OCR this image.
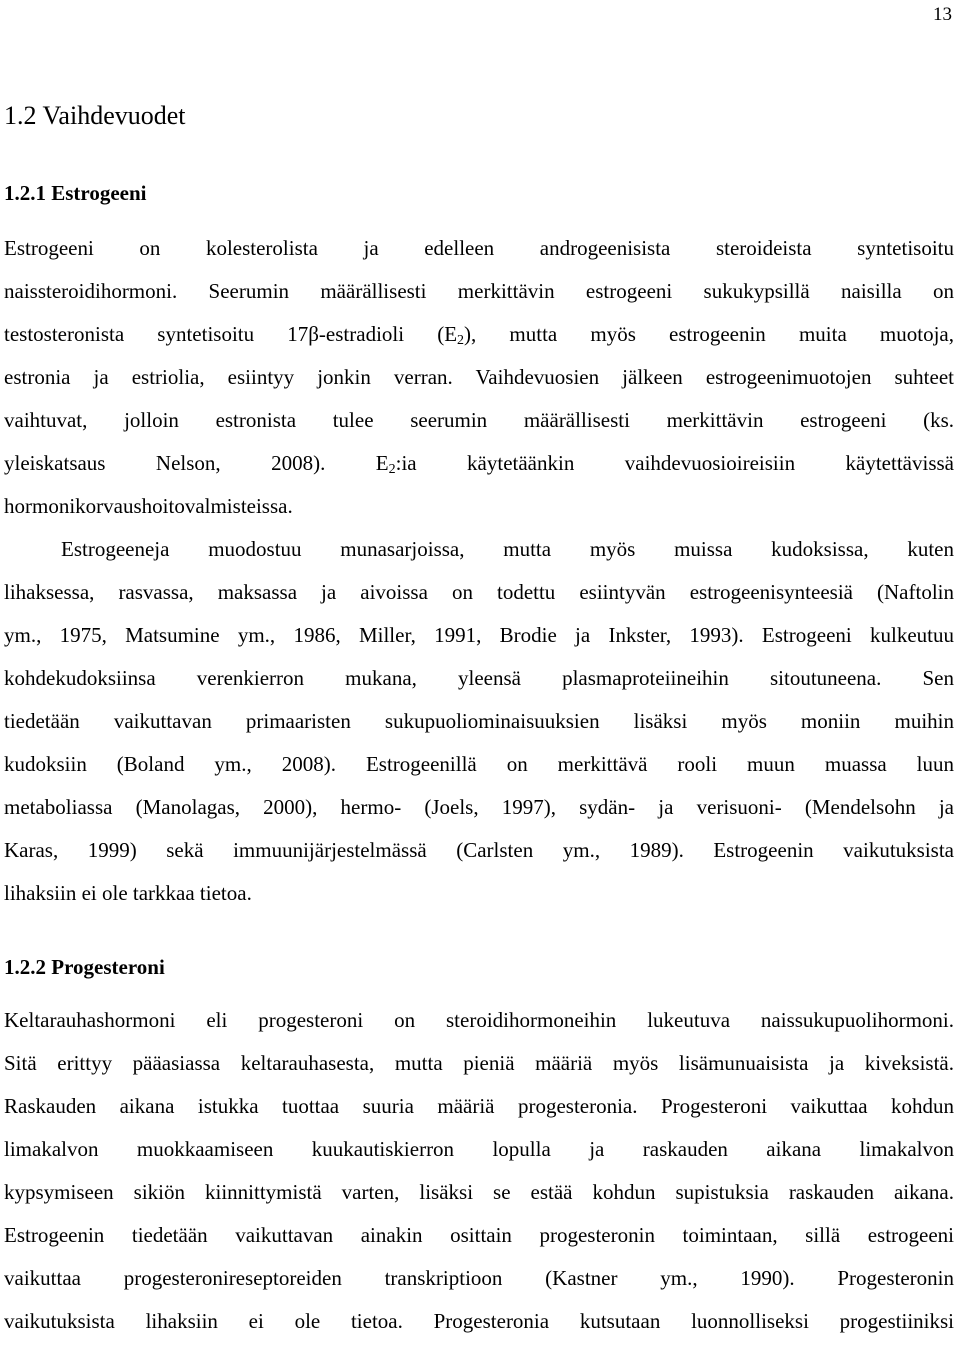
13
1.2 Vaihdevuodet
1.2.1 Estrogeeni
Estrogeeni on kolesterolista ja edelleen androgeenisista steroideista syntetisoitu
naissteroidihormoni. Seerumin määrällisesti merkittävin estrogeeni sukukypsillä naisilla on
testosteronista syntetisoitu 17β-estradioli $(E_2)$, mutta myös estrogeenin muita muotoja,
estronia ja estriolia, esiintyy jonkin verran. Vaihdevuosien jälkeen estrogeenimuotojen suhteet
vaihtuvat, jolloin estronista tulee seerumin määrällisesti merkittävin estrogeeni (ks.
yleiskatsaus Nelson, 2008). $E_2:ia$ käytetäänkin vaihdevuosioireisiin käytettävissä
hormonikorvaushoitovalmisteissa.
Estrogeeneja muodostuu munasarjoissa, mutta myös muissa kudoksissa, kuten
lihaksessa, rasvassa, maksassa ja aivoissa on todettu esiintyvän estrogeenisynteesiä (Naftolin
ym., 1975, Matsumine ym., 1986, Miller, 1991, Brodie ja Inkster, 1993). Estrogeeni kulkeutuu
kohdekudoksiinsa verenkierron mukana, yleensä plasmaproteiineihin sitoutuneena. Sen
tiedetään vaikuttavan primaaristen sukupuoliominaisuuksien lisäksi myös moniin muihin
kudoksiin (Boland ym., 2008). Estrogeenillä on merkittävä rooli muun muassa luun
metaboliassa (Manolagas, 2000), hermo- (Joels, 1997), sydän- ja verisuoni- (Mendelsohn ja
Karas, 1999) sekä immuunijärjestelmässä (Carlsten ym., 1989). Estrogeenin vaikutuksista
lihaksiin ei ole tarkkaa tietoa.
1.2.2 Progesteroni
Keltarauhashormoni eli progesteroni on steroidihormoneihin lukeutuva naissukupuolihormoni.
Sitä erittyy pääasiassa keltarauhasesta, mutta pieniä määriä myös lisämunuaisista ja kiveksistä.
Raskauden aikana istukka tuottaa suuria määriä progesteronia. Progesteroni vaikuttaa kohdun
limakalvon muokkaamiseen kuukautiskierron lopulla ja raskauden aikana limakalvon
kypsymiseen sikiön kiinnittymistä varten, lisäksi se estää kohdun supistuksia raskauden aikana.
Estrogeenin tiedetään vaikuttavan ainakin osittain progesteronin toimintaan, sillä estrogeeni
vaikuttaa progesteronireseptoreiden transkriptioon (Kastner ym., 1990). Progesteronin
vaikutuksista lihaksiin ei ole tietoa. Progesteronia kutsutaan luonnolliseksi progestiiniksi
